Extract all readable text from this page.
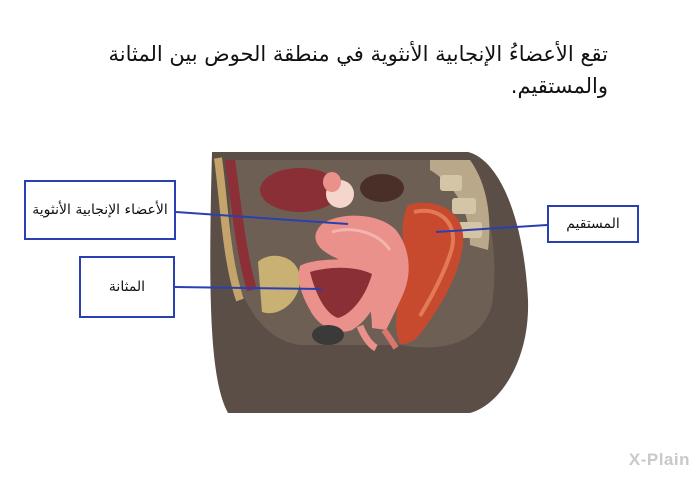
تقع الأعضاءُ الإنجابية الأنثوية في منطقة الحوض بين المثانة والمستقيم.
الأعضاء الإنجابية الأنثوية
المثانة
المستقيم
X-Plain
